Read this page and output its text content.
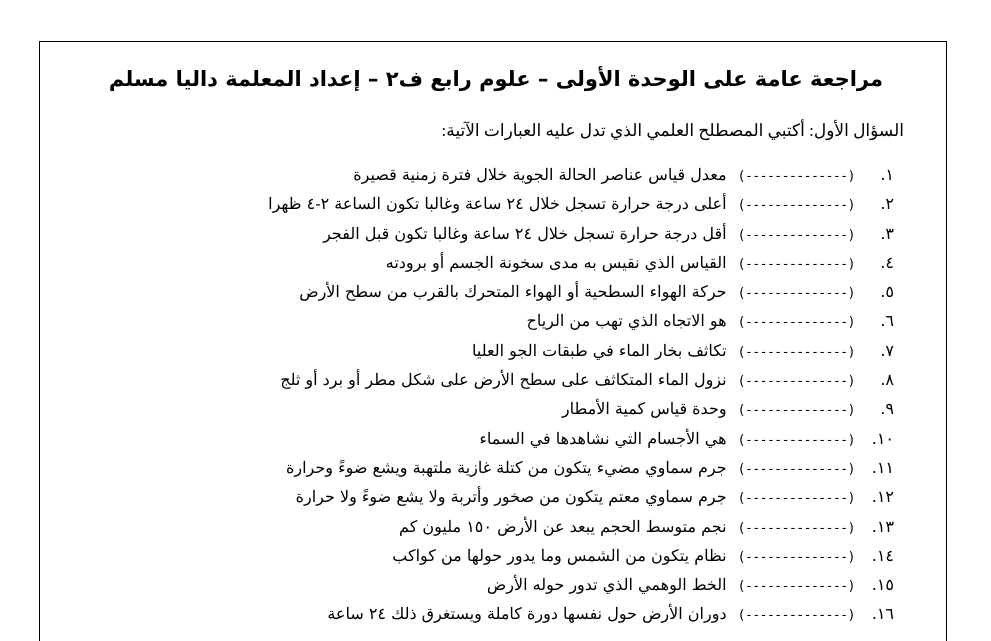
مراجعة عامة على الوحدة الأولى – علوم رابع ف٢ – إعداد المعلمة داليا مسلم
السؤال الأول: أكتبي المصطلح العلمي الذي تدل عليه العبارات الآتية:
١. (--------------) معدل قياس عناصر الحالة الجوية خلال فترة زمنية قصيرة
٢. (--------------) أعلى درجة حرارة تسجل خلال ٢٤ ساعة وغالبا تكون الساعة ٢-٤ ظهرا
٣. (--------------) أقل درجة حرارة تسجل خلال ٢٤ ساعة وغالبا تكون قبل الفجر
٤. (--------------) القياس الذي نقيس به مدى سخونة الجسم أو برودته
٥. (--------------) حركة الهواء السطحية أو الهواء المتحرك بالقرب من سطح الأرض
٦. (--------------) هو الاتجاه الذي تهب من الرياح
٧. (--------------) تكاثف بخار الماء في طبقات الجو العليا
٨. (--------------) نزول الماء المتكاثف على سطح الأرض على شكل مطر أو برد أو ثلج
٩. (--------------) وحدة قياس كمية الأمطار
١٠. (--------------) هي الأجسام التي نشاهدها في السماء
١١. (--------------) جرم سماوي مضيء يتكون من كتلة غازية ملتهبة ويشع ضوءً وحرارة
١٢. (--------------) جرم سماوي معتم يتكون من صخور وأتربة ولا يشع ضوءً ولا حرارة
١٣. (--------------) نجم متوسط الحجم يبعد عن الأرض ١٥٠ مليون كم
١٤. (--------------) نظام يتكون من الشمس وما يدور حولها من كواكب
١٥. (--------------) الخط الوهمي الذي تدور حوله الأرض
١٦. (--------------) دوران الأرض حول نفسها دورة كاملة ويستغرق ذلك ٢٤ ساعة
